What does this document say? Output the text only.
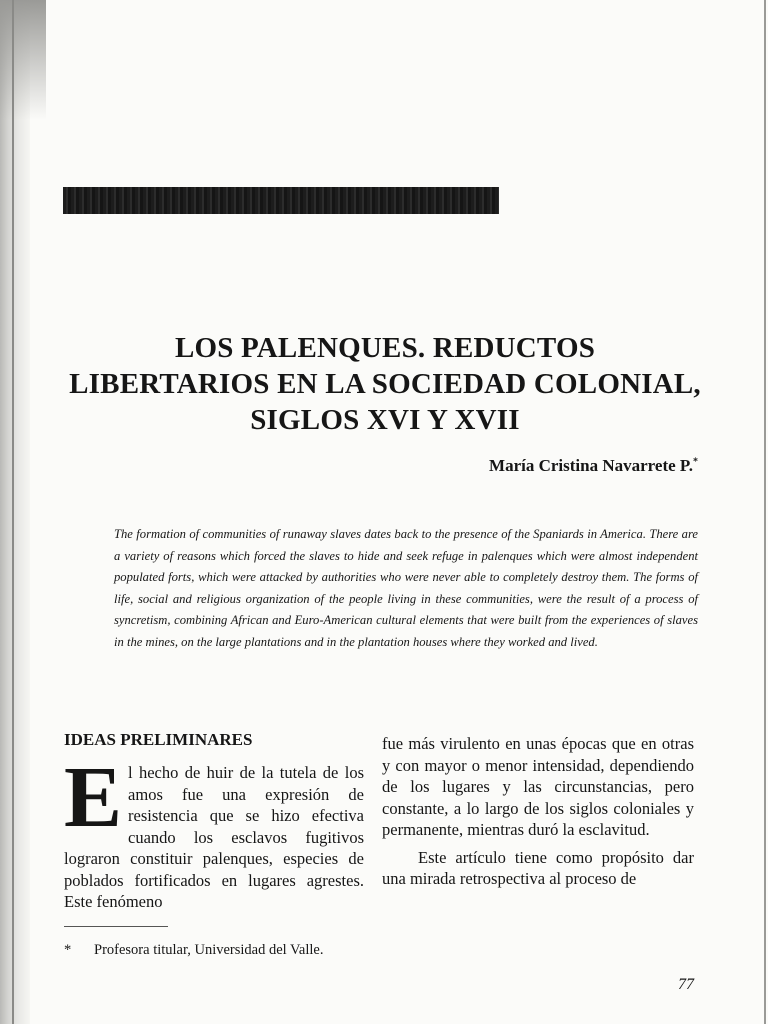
LOS PALENQUES. REDUCTOS
LIBERTARIOS EN LA SOCIEDAD COLONIAL,
SIGLOS XVI Y XVII
María Cristina Navarrete P.*
The formation of communities of runaway slaves dates back to the presence of the Spaniards in America. There are a variety of reasons which forced the slaves to hide and seek refuge in palenques which were almost independent populated forts, which were attacked by authorities who were never able to completely destroy them. The forms of life, social and religious organization of the people living in these communities, were the result of a process of syncretism, combining African and Euro-American cultural elements that were built from the experiences of slaves in the mines, on the large plantations and in the plantation houses where they worked and lived.
IDEAS PRELIMINARES

El hecho de huir de la tutela de los amos fue una expresión de resistencia que se hizo efectiva cuando los esclavos fugitivos lograron constituir palenques, especies de poblados fortificados en lugares agrestes. Este fenómeno

fue más virulento en unas épocas que en otras y con mayor o menor intensidad, dependiendo de los lugares y las circunstancias, pero constante, a lo largo de los siglos coloniales y permanente, mientras duró la esclavitud.

Este artículo tiene como propósito dar una mirada retrospectiva al proceso de

* Profesora titular, Universidad del Valle.
77
